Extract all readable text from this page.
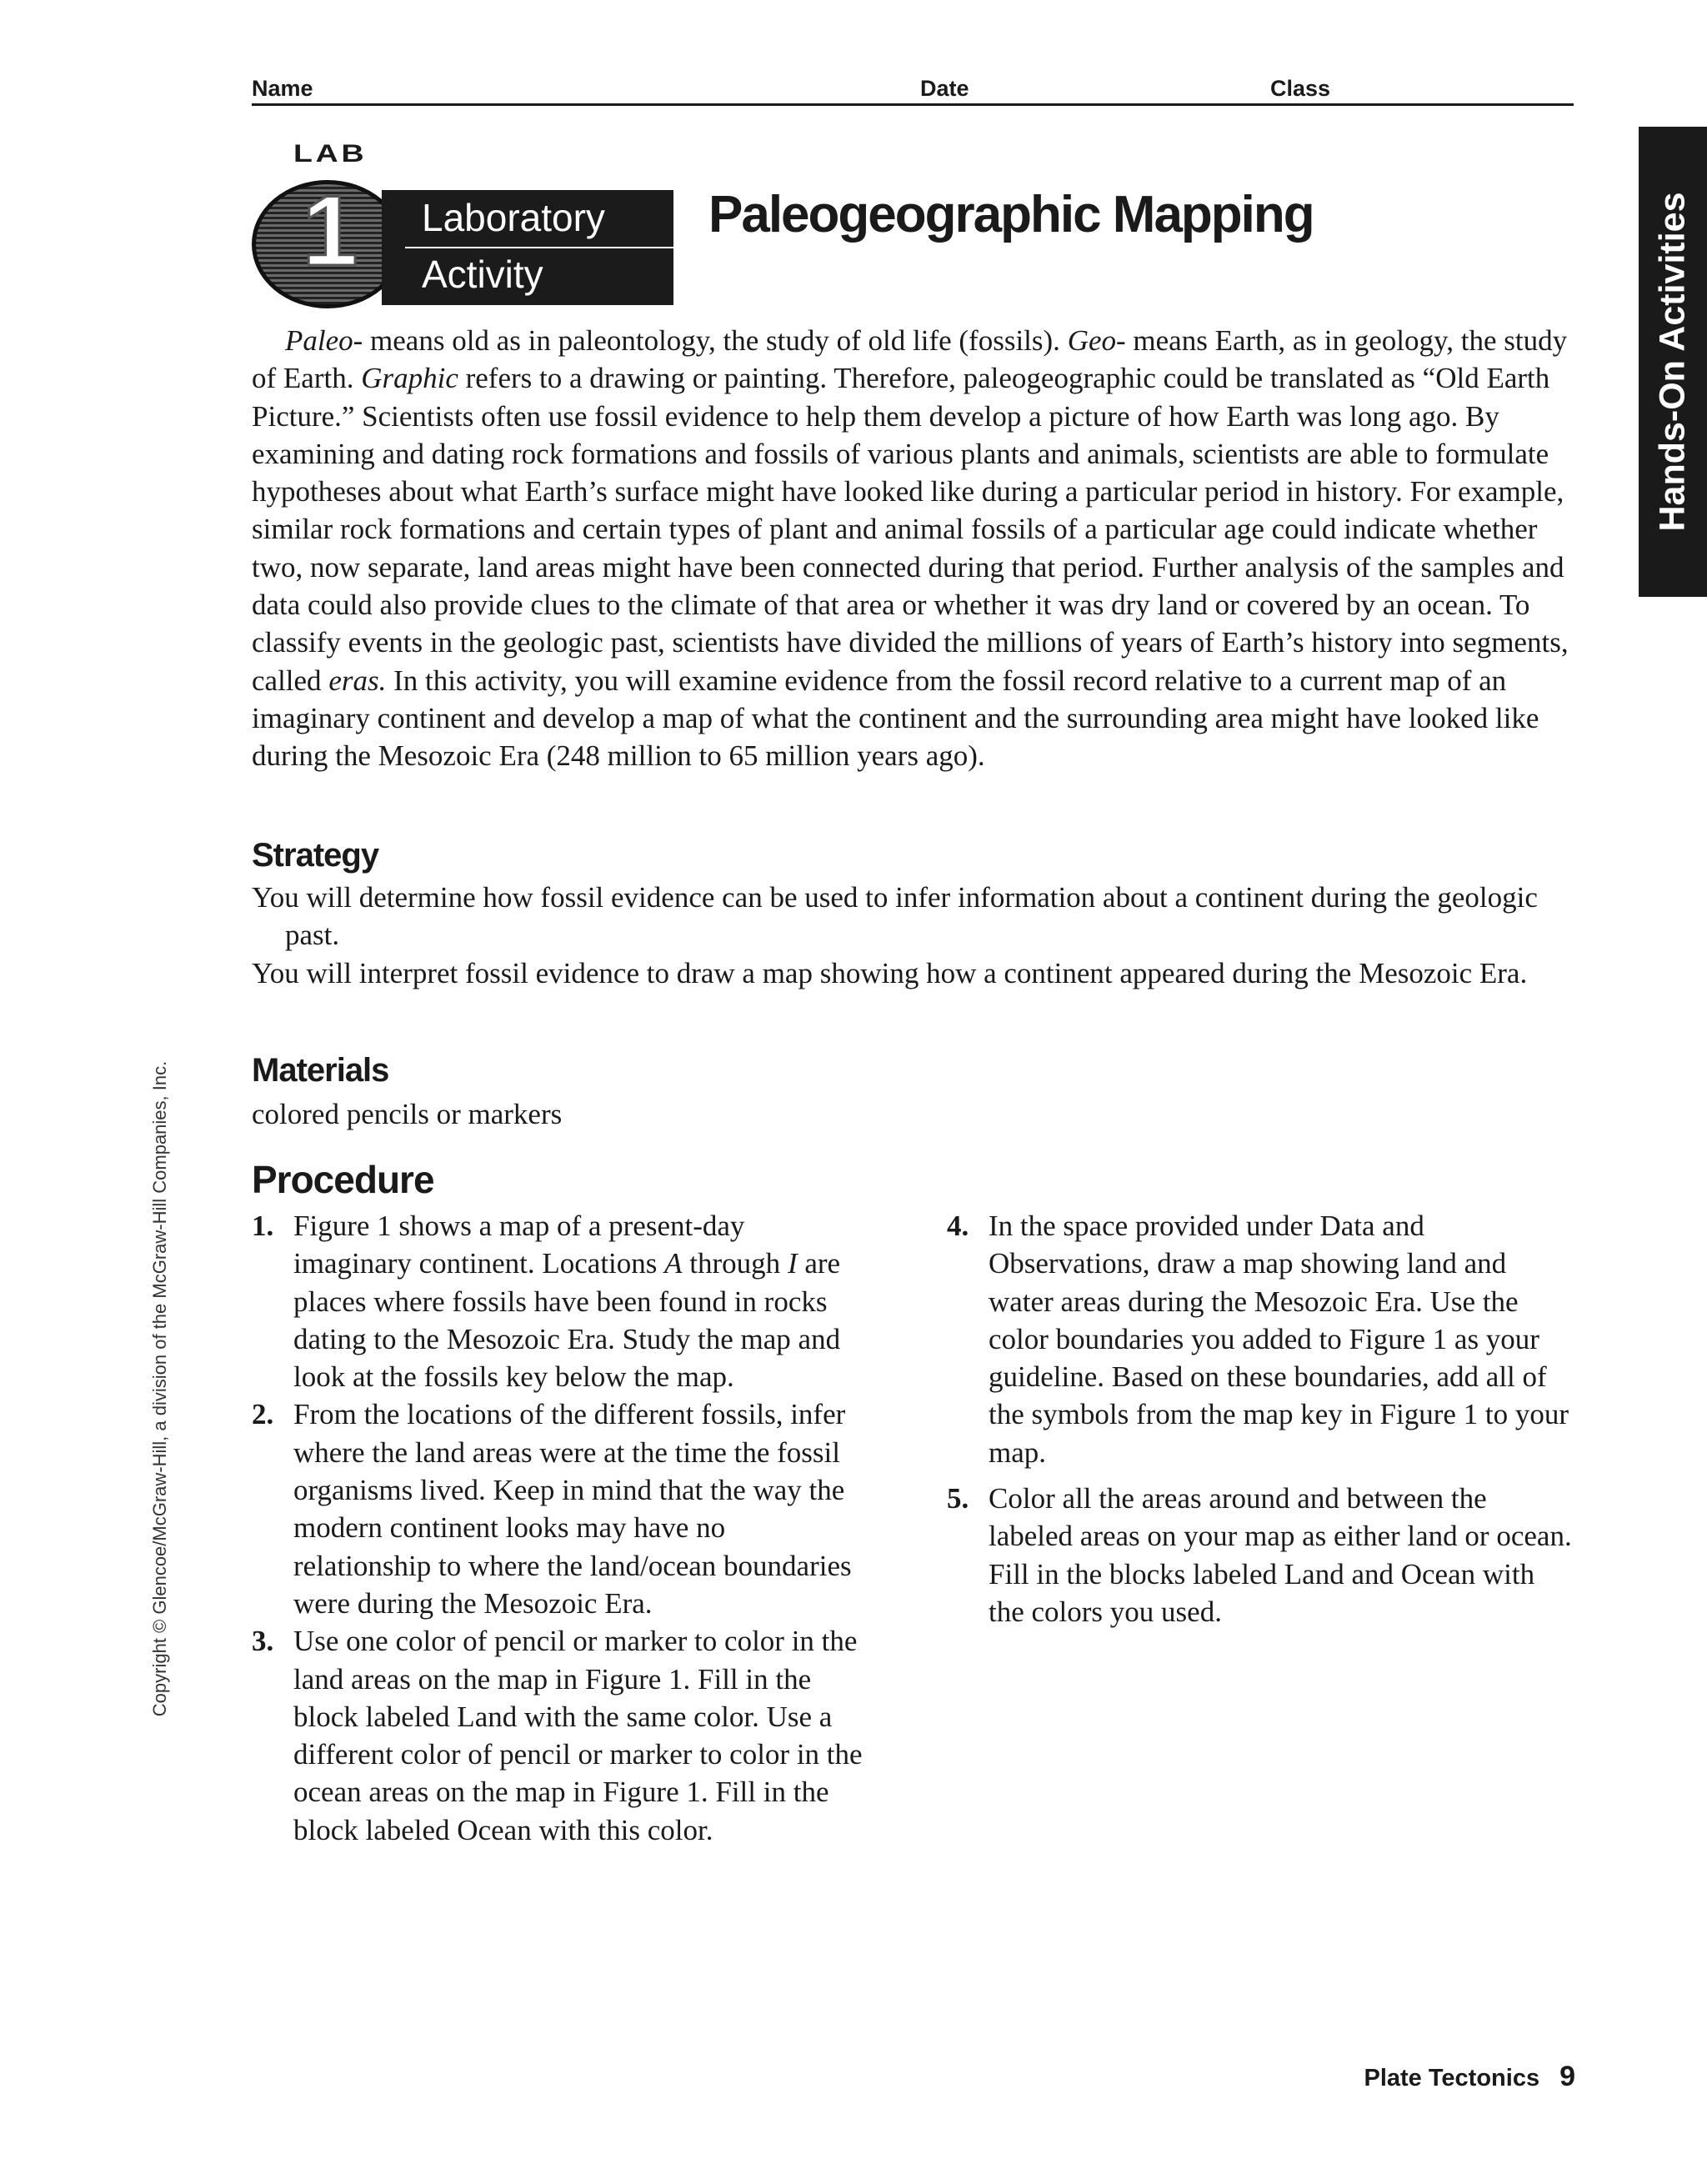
Name	Date	Class
LAB
1 Laboratory
Activity
Paleogeographic Mapping	Hands-On Activities

Paleo- means old as in paleontology, the study of old life (fossils). Geo- means Earth, as in geology, the study of Earth. Graphic refers to a drawing or painting. Therefore, paleogeographic could be translated as “Old Earth Picture.” Scientists often use fossil evidence to help them develop a picture of how Earth was long ago. By examining and dating rock formations and fossils of various plants and animals, scientists are able to formulate hypotheses about what Earth’s surface might have looked like during a particular period in history. For example, similar rock formations and certain types of plant and animal fossils of a particular age could indicate whether two, now separate, land areas might have been connected during that period. Further analysis of the samples and data could also provide clues to the climate of that area or whether it was dry land or covered by an ocean. To classify events in the geologic past, scientists have divided the millions of years of Earth’s history into segments, called eras. In this activity, you will examine evidence from the fossil record relative to a current map of an imaginary continent and develop a map of what the continent and the surrounding area might have looked like during the Mesozoic Era (248 million to 65 million years ago).

Strategy
You will determine how fossil evidence can be used to infer information about a continent during the geologic past.
You will interpret fossil evidence to draw a map showing how a continent appeared during the Mesozoic Era.
Materials

colored pencils or markers

Procedure
1. Figure 1 shows a map of a present-day imaginary continent. Locations A through I are places where fossils have been found in rocks dating to the Mesozoic Era. Study the map and look at the fossils key below the map.
2. From the locations of the different fossils, infer where the land areas were at the time the fossil organisms lived. Keep in mind that the way the modern continent looks may have no relationship to where the land/ocean boundaries were during the Mesozoic Era.
3. Use one color of pencil or marker to color in the land areas on the map in Figure 1. Fill in the block labeled Land with the same color. Use a different color of pencil or marker to color in the ocean areas on the map in Figure 1. Fill in the block labeled Ocean with this color.
4. In the space provided under Data and Observations, draw a map showing land and water areas during the Mesozoic Era. Use the color boundaries you added to Figure 1 as your guideline. Based on these boundaries, add all of the symbols from the map key in Figure 1 to your map.
5. Color all the areas around and between the labeled areas on your map as either land or ocean. Fill in the blocks labeled Land and Ocean with the colors you used.
Copyright © Glencoe/McGraw-Hill, a division of the McGraw-Hill Companies, Inc.
Plate Tectonics 9
